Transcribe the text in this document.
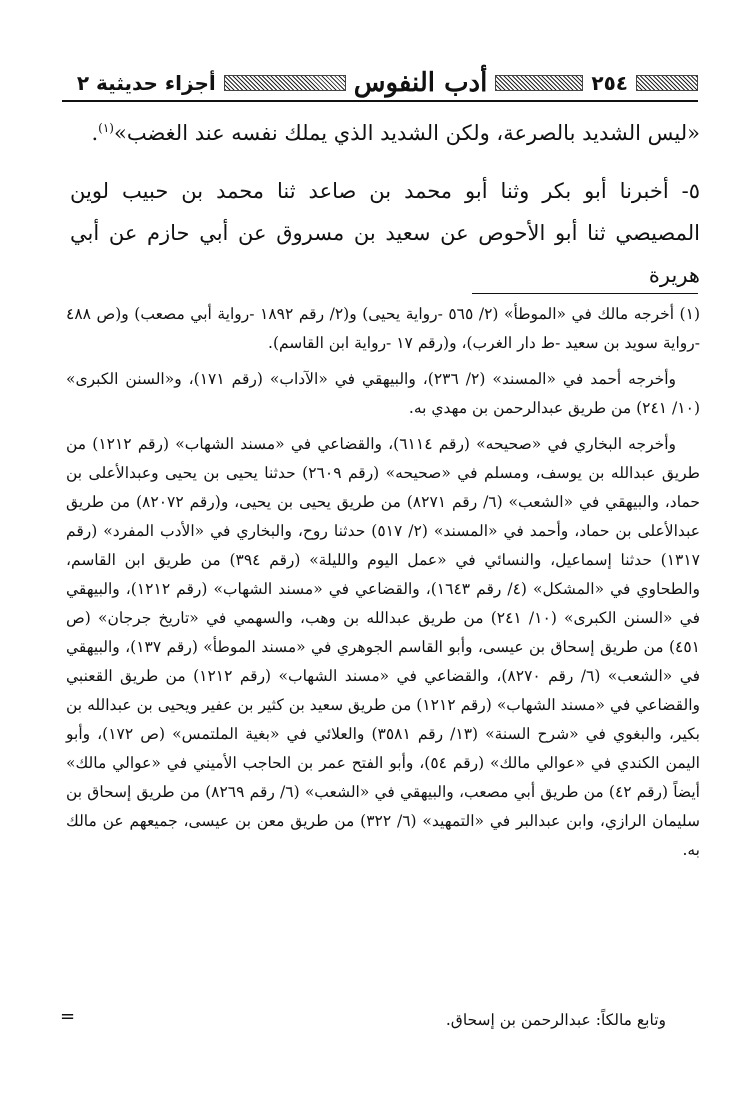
٢٥٤
أدب النفوس
أجزاء حديثية ٢

«ليس الشديد بالصرعة، ولكن الشديد الذي يملك نفسه عند الغضب»$^{(١)}$.

٥- أخبرنا أبو بكر وثنا أبو محمد بن صاعد ثنا محمد بن حبيب لوين المصيصي ثنا أبو الأحوص عن سعيد بن مسروق عن أبي حازم عن أبي هريرة

(١) أخرجه مالك في «الموطأ» (٢/ ٥٦٥ -رواية يحيى) و(٢/ رقم ١٨٩٢ -رواية أبي مصعب) و(ص ٤٨٨ -رواية سويد بن سعيد -ط دار الغرب)، و(رقم ١٧ -رواية ابن القاسم).

وأخرجه أحمد في «المسند» (٢/ ٢٣٦)، والبيهقي في «الآداب» (رقم ١٧١)، و«السنن الكبرى» (١٠/ ٢٤١) من طريق عبدالرحمن بن مهدي به.

وأخرجه البخاري في «صحيحه» (رقم ٦١١٤)، والقضاعي في «مسند الشهاب» (رقم ١٢١٢) من طريق عبدالله بن يوسف، ومسلم في «صحيحه» (رقم ٢٦٠٩) حدثنا يحيى بن يحيى وعبدالأعلى بن حماد، والبيهقي في «الشعب» (٦/ رقم ٨٢٧١) من طريق يحيى بن يحيى، و(رقم ٨٢٠٧٢) من طريق عبدالأعلى بن حماد، وأحمد في «المسند» (٢/ ٥١٧) حدثنا روح، والبخاري في «الأدب المفرد» (رقم ١٣١٧) حدثنا إسماعيل، والنسائي في «عمل اليوم والليلة» (رقم ٣٩٤) من طريق ابن القاسم، والطحاوي في «المشكل» (٤/ رقم ١٦٤٣)، والقضاعي في «مسند الشهاب» (رقم ١٢١٢)، والبيهقي في «السنن الكبرى» (١٠/ ٢٤١) من طريق عبدالله بن وهب، والسهمي في «تاريخ جرجان» (ص ٤٥١) من طريق إسحاق بن عيسى، وأبو القاسم الجوهري في «مسند الموطأ» (رقم ١٣٧)، والبيهقي في «الشعب» (٦/ رقم ٨٢٧٠)، والقضاعي في «مسند الشهاب» (رقم ١٢١٢) من طريق القعنبي والقضاعي في «مسند الشهاب» (رقم ١٢١٢) من طريق سعيد بن كثير بن عفير ويحيى بن عبدالله بن بكير، والبغوي في «شرح السنة» (١٣/ رقم ٣٥٨١) والعلائي في «بغية الملتمس» (ص ١٧٢)، وأبو اليمن الكندي في «عوالي مالك» (رقم ٥٤)، وأبو الفتح عمر بن الحاجب الأميني في «عوالي مالك» أيضاً (رقم ٤٢) من طريق أبي مصعب، والبيهقي في «الشعب» (٦/ رقم ٨٢٦٩) من طريق إسحاق بن سليمان الرازي، وابن عبدالبر في «التمهيد» (٦/ ٣٢٢) من طريق معن بن عيسى، جميعهم عن مالك به.

=	وتابع مالكاً: عبدالرحمن بن إسحاق.
